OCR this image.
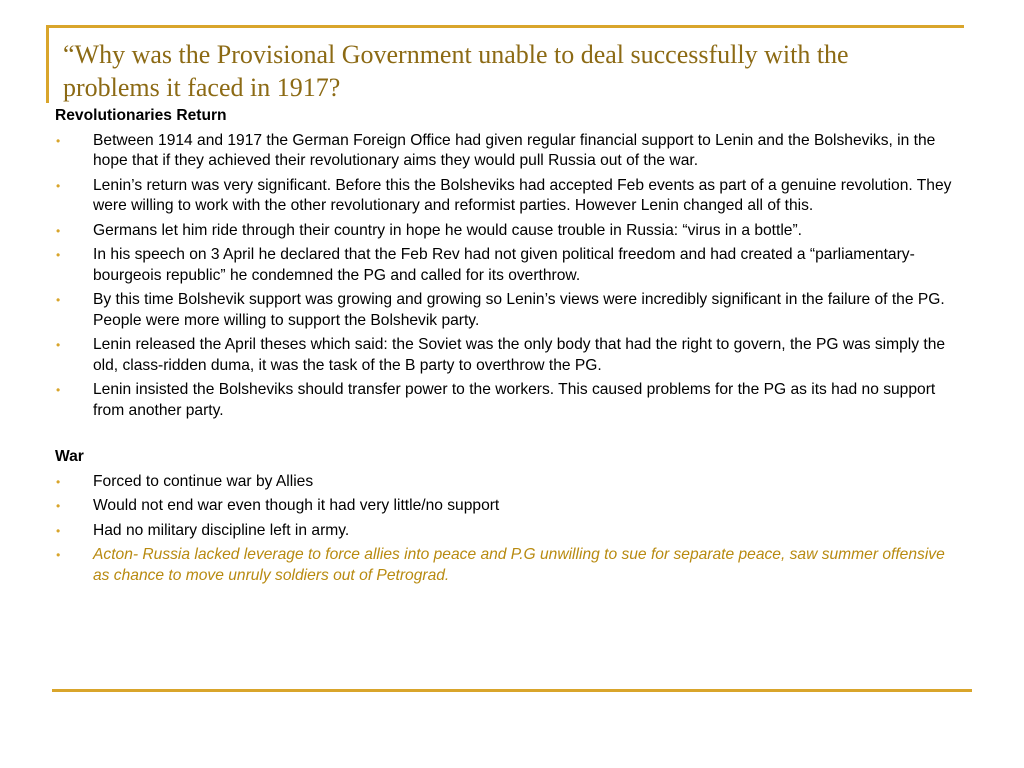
“Why was the Provisional Government unable to deal successfully with the problems it faced in 1917?
Revolutionaries Return
• Between 1914 and 1917 the German Foreign Office had given regular financial support to Lenin and the Bolsheviks, in the hope that if they achieved their revolutionary aims they would pull Russia out of the war.
• Lenin’s return was very significant. Before this the Bolsheviks had accepted Feb events as part of a genuine revolution. They were willing to work with the other revolutionary and reformist parties. However Lenin changed all of this.
• Germans let him ride through their country in hope he would cause trouble in Russia: “virus in a bottle”.
• In his speech on 3 April he declared that the Feb Rev had not given political freedom and had created a “parliamentary-bourgeois republic” he condemned the PG and called for its overthrow.
• By this time Bolshevik support was growing and growing so Lenin’s views were incredibly significant in the failure of the PG. People were more willing to support the Bolshevik party.
• Lenin released the April theses which said: the Soviet was the only body that had the right to govern, the PG was simply the old, class-ridden duma, it was the task of the B party to overthrow the PG.
• Lenin insisted the Bolsheviks should transfer power to the workers. This caused problems for the PG as its had no support from another party.
War
• Forced to continue war by Allies
• Would not end war even though it had very little/no support
• Had no military discipline left in army.
• Acton- Russia lacked leverage to force allies into peace and P.G unwilling to sue for separate peace, saw summer offensive as chance to move unruly soldiers out of Petrograd.
